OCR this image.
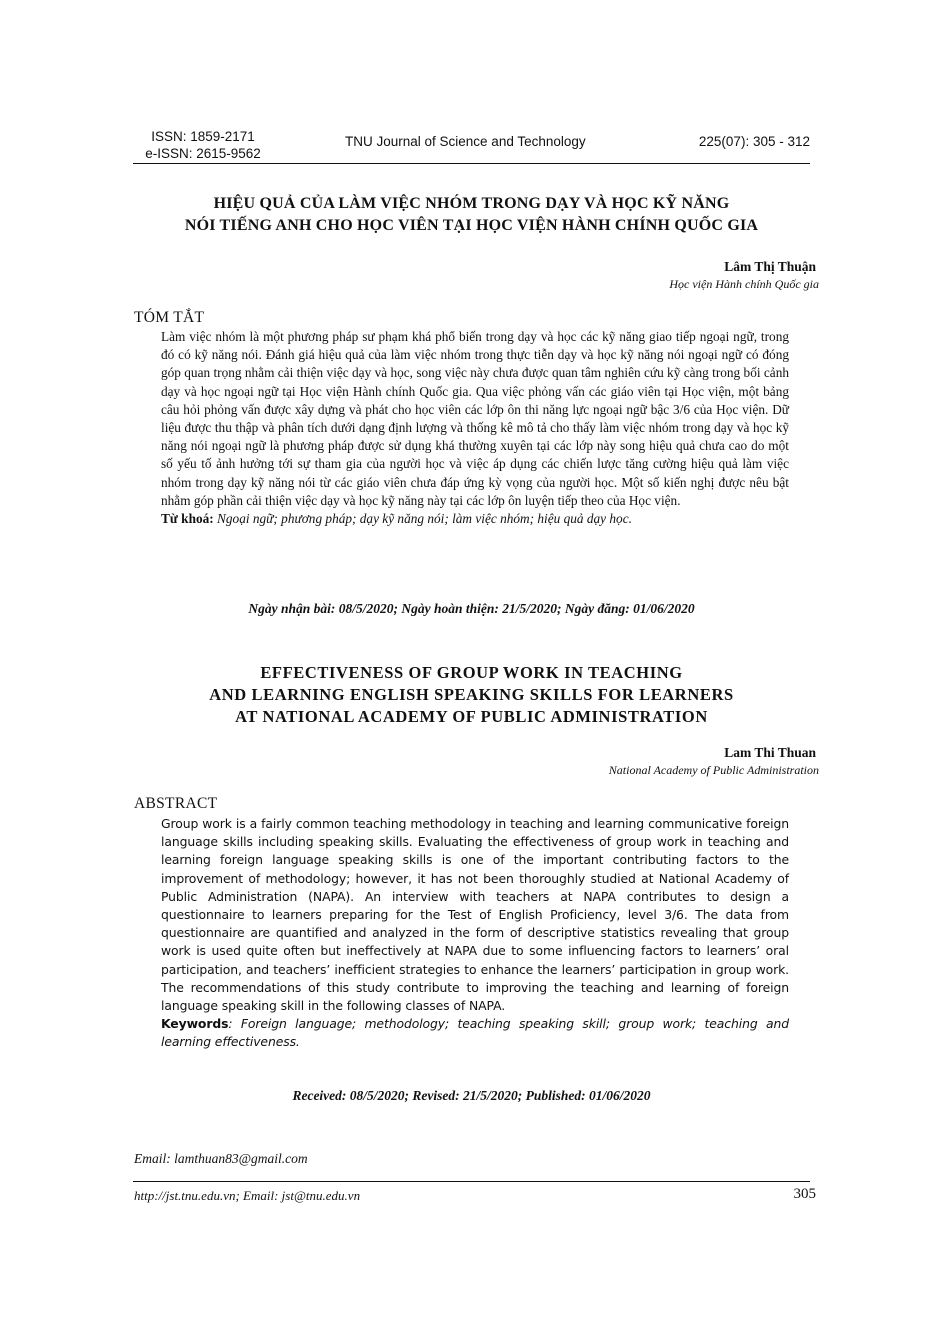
ISSN: 1859-2171
e-ISSN: 2615-9562
TNU Journal of Science and Technology	225(07): 305 - 312
HIỆU QUẢ CỦA LÀM VIỆC NHÓM TRONG DẠY VÀ HỌC KỸ NĂNG
NÓI TIẾNG ANH CHO HỌC VIÊN TẠI HỌC VIỆN HÀNH CHÍNH QUỐC GIA
Lâm Thị Thuận
Học viện Hành chính Quốc gia
TÓM TẮT

Làm việc nhóm là một phương pháp sư phạm khá phổ biến trong dạy và học các kỹ năng giao tiếp ngoại ngữ, trong đó có kỹ năng nói. Đánh giá hiệu quả của làm việc nhóm trong thực tiễn dạy và học kỹ năng nói ngoại ngữ có đóng góp quan trọng nhằm cải thiện việc dạy và học, song việc này chưa được quan tâm nghiên cứu kỹ càng trong bối cảnh dạy và học ngoại ngữ tại Học viện Hành chính Quốc gia. Qua việc phỏng vấn các giáo viên tại Học viện, một bảng câu hỏi phỏng vấn được xây dựng và phát cho học viên các lớp ôn thi năng lực ngoại ngữ bậc 3/6 của Học viện. Dữ liệu được thu thập và phân tích dưới dạng định lượng và thống kê mô tả cho thấy làm việc nhóm trong dạy và học kỹ năng nói ngoại ngữ là phương pháp được sử dụng khá thường xuyên tại các lớp này song hiệu quả chưa cao do một số yếu tố ảnh hưởng tới sự tham gia của người học và việc áp dụng các chiến lược tăng cường hiệu quả làm việc nhóm trong dạy kỹ năng nói từ các giáo viên chưa đáp ứng kỳ vọng của người học. Một số kiến nghị được nêu bật nhằm góp phần cải thiện việc dạy và học kỹ năng này tại các lớp ôn luyện tiếp theo của Học viện.

Từ khoá: Ngoại ngữ; phương pháp; dạy kỹ năng nói; làm việc nhóm; hiệu quả dạy học.

Ngày nhận bài: 08/5/2020; Ngày hoàn thiện: 21/5/2020; Ngày đăng: 01/06/2020
EFFECTIVENESS OF GROUP WORK IN TEACHING
AND LEARNING ENGLISH SPEAKING SKILLS FOR LEARNERS
AT NATIONAL ACADEMY OF PUBLIC ADMINISTRATION
Lam Thi Thuan
National Academy of Public Administration
ABSTRACT

Group work is a fairly common teaching methodology in teaching and learning communicative foreign language skills including speaking skills. Evaluating the effectiveness of group work in teaching and learning foreign language speaking skills is one of the important contributing factors to the improvement of methodology; however, it has not been thoroughly studied at National Academy of Public Administration (NAPA). An interview with teachers at NAPA contributes to design a questionnaire to learners preparing for the Test of English Proficiency, level 3/6. The data from questionnaire are quantified and analyzed in the form of descriptive statistics revealing that group work is used quite often but ineffectively at NAPA due to some influencing factors to learners’ oral participation, and teachers’ inefficient strategies to enhance the learners’ participation in group work. The recommendations of this study contribute to improving the teaching and learning of foreign language speaking skill in the following classes of NAPA.

Keywords: Foreign language; methodology; teaching speaking skill; group work; teaching and learning effectiveness.

Received: 08/5/2020; Revised: 21/5/2020; Published: 01/06/2020
Email: lamthuan83@gmail.com
http://jst.tnu.edu.vn; Email: jst@tnu.edu.vn	305
